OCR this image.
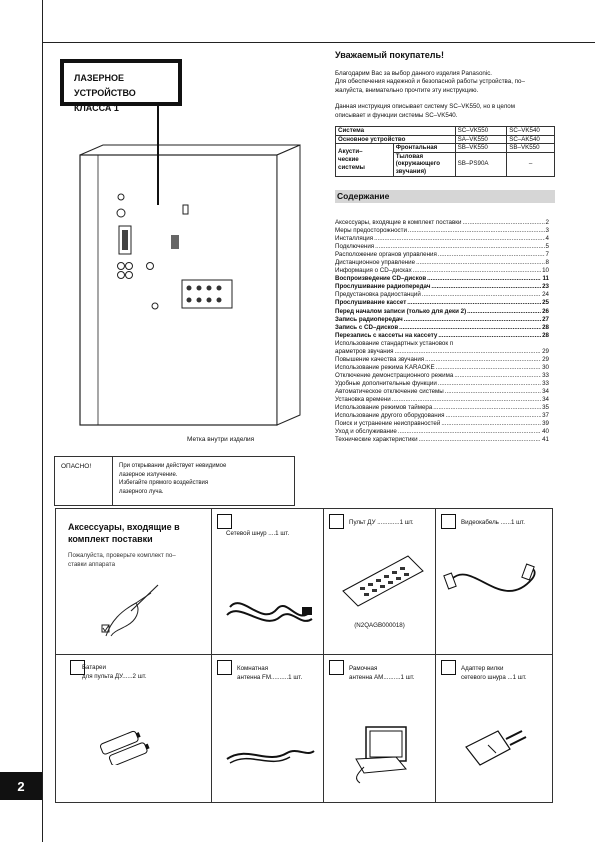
2
ЛАЗЕРНОЕ УСТРОЙСТВО
КЛАССА 1
ОПАСНО!	При открывании действует невидимое
лазерное излучение.
Избегайте прямого воздействия
лазерного луча.
Метка внутри изделия
Уважаемый покупатель!

Благодарим Вас за выбор данного изделия Panasonic.
Для обеспечения надежной и безопасной работы устройства, по–
жалуйста, внимательно прочтите эту инструкцию.

Данная инструкция описывает систему SC–VK550, но в целом
описывает и функции системы SC–VK540.

Система		SC–VK550	SC–VK540
Основное устройство		SA–VK550	SC–AK540
Акусти–
ческие
системы	Фронтальная	SB–VK550	SB–VK550
	Тыловая
(окружающего
звучания)	SB–PS90A	–
Содержание
Аксессуары, входящие в комплект поставки .....	2
Меры предосторожности .....	3
Инсталляция .....	4
Подключения .....	5
Расположение органов управления .....	7
Дистанционное управление .....	8
Информация о CD–дисках .....	10
Воспроизведение CD–дисков .....	11
Прослушивание радиопередач .....	23
Предустановка радиостанций .....	24
Прослушивание кассет .....	25
Перед началом записи (только для деки 2) .....	26
Запись радиопередач .....	27
Запись с CD–дисков .....	28
Перезапись с кассеты на кассету .....	28
Использование стандартных установок п
араметров звучания .....	29
Повышение качества звучания .....	29
Использование режима KARAOKE .....	30
Отключение демонстрационного режима .....	33
Удобные дополнительные функции .....	33
Автоматическое отключение системы .....	34
Установка времени .....	34
Использование режимов таймера .....	35
Использование другого оборудования .....	37
Поиск и устранение неисправностей .....	39
Уход и обслуживание .....	40
Технические характеристики .....	41
Аксессуары, входящие в
комплект поставки
Пожалуйста, проверьте комплект по–
ставки аппарата
Сетевой шнур ....1 шт.
Пульт ДУ .............1 шт.
(N2QAGB000018)
Видеокабель ......1 шт.
Батареи
для пульта ДУ......2 шт.
Комнатная
антенна FM..........1 шт.
Рамочная
антенна AM..........1 шт.
Адаптер вилки
сетевого шнура ...1 шт.
